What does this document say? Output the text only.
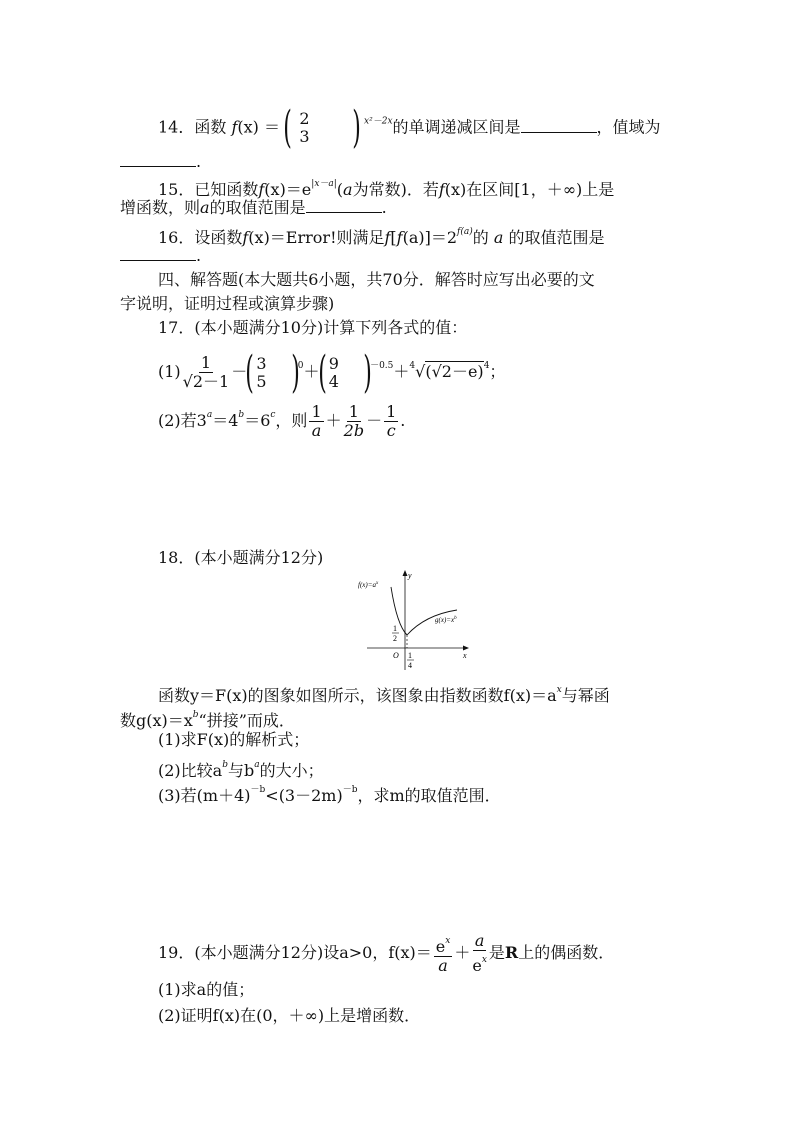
14．函数 f(x) ＝ ( 2
3 ) $^{x^2-2x}$的单调递减区间是	，值域为
.
15．已知函数$f(x)=e^{|x-a|}(a$为常数)．若f(x)在区间[1，＋∞)上是
增函数，则a的取值范围是	.
16．设函数f(x)＝Error!则满足$f[f(a)]=2^{f(a)}$的 a 的取值范围是
.
四、解答题(本大题共6小题，共70分．解答时应写出必要的文
字说明，证明过程或演算步骤)
17．(本小题满分10分)计算下列各式的值：
$(1) \frac{1}{√2-1}$ －( 3
5 )$^0$＋( 9
4 )$^{-0.5}+^4√(√2-e)^4$；
(2)若$3^a=4^b=6^c$，则 $\frac{1}{a} + \frac{1}{2b} - \frac{1}{c}$ .
18．(本小题满分12分)
y
x
O
$f(x)=a^x$
$g(x)=x^b$
1
2
1
4
函数y＝F(x)的图象如图所示，该图象由指数函数$f(x)=a^x$与幂函
数$g(x)=x^b“$拼接”而成．
(1)求F(x)的解析式；
(2)比较$a^b$与$b^a$的大小；
(3)若$(m+4)^{-b}<(3-2m)^{-b}$，求m的取值范围．
19．(本小题满分12分)设a>0，$f(x)= \frac{e^x}{a} + \frac{a}{e^x}$ 是R上的偶函数．
(1)求a的值；
(2)证明f(x)在(0，＋∞)上是增函数．
